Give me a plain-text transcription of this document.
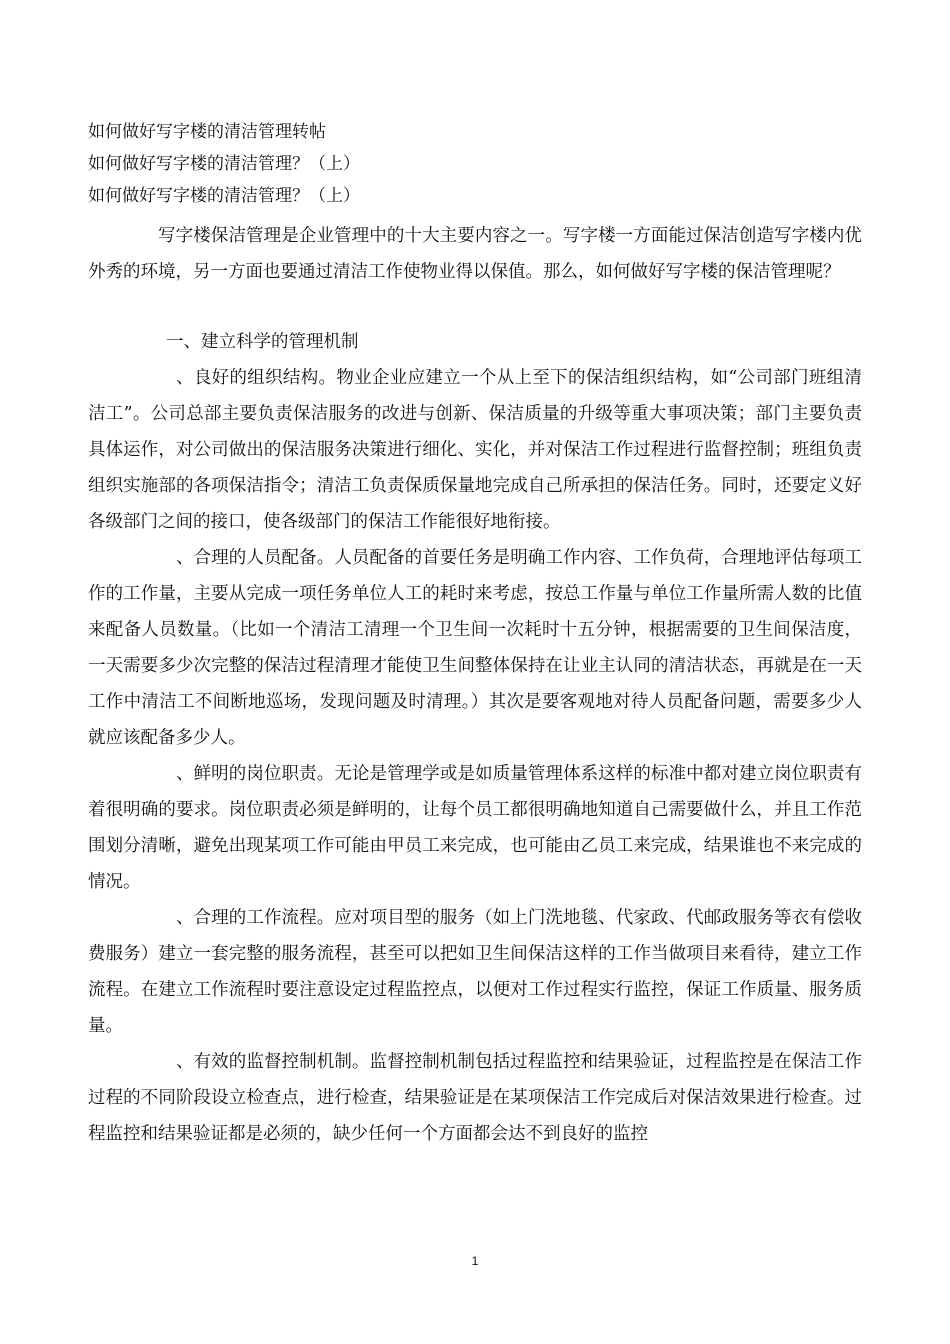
如何做好写字楼的清洁管理转帖

如何做好写字楼的清洁管理？（上）

如何做好写字楼的清洁管理？（上）

写字楼保洁管理是企业管理中的十大主要内容之一。写字楼一方面能过保洁创造写字楼内优外秀的环境，另一方面也要通过清洁工作使物业得以保值。那么，如何做好写字楼的保洁管理呢？

一、建立科学的管理机制

、良好的组织结构。物业企业应建立一个从上至下的保洁组织结构，如“公司部门班组清洁工”。公司总部主要负责保洁服务的改进与创新、保洁质量的升级等重大事项决策；部门主要负责具体运作，对公司做出的保洁服务决策进行细化、实化，并对保洁工作过程进行监督控制；班组负责组织实施部的各项保洁指令；清洁工负责保质保量地完成自己所承担的保洁任务。同时，还要定义好各级部门之间的接口，使各级部门的保洁工作能很好地衔接。

、合理的人员配备。人员配备的首要任务是明确工作内容、工作负荷，合理地评估每项工作的工作量，主要从完成一项任务单位人工的耗时来考虑，按总工作量与单位工作量所需人数的比值来配备人员数量。（比如一个清洁工清理一个卫生间一次耗时十五分钟，根据需要的卫生间保洁度，一天需要多少次完整的保洁过程清理才能使卫生间整体保持在让业主认同的清洁状态，再就是在一天工作中清洁工不间断地巡场，发现问题及时清理。）其次是要客观地对待人员配备问题，需要多少人就应该配备多少人。

、鲜明的岗位职责。无论是管理学或是如质量管理体系这样的标准中都对建立岗位职责有着很明确的要求。岗位职责必须是鲜明的，让每个员工都很明确地知道自己需要做什么，并且工作范围划分清晰，避免出现某项工作可能由甲员工来完成，也可能由乙员工来完成，结果谁也不来完成的情况。

、合理的工作流程。应对项目型的服务（如上门洗地毯、代家政、代邮政服务等衣有偿收费服务）建立一套完整的服务流程，甚至可以把如卫生间保洁这样的工作当做项目来看待，建立工作流程。在建立工作流程时要注意设定过程监控点，以便对工作过程实行监控，保证工作质量、服务质量。

、有效的监督控制机制。监督控制机制包括过程监控和结果验证，过程监控是在保洁工作过程的不同阶段设立检查点，进行检查，结果验证是在某项保洁工作完成后对保洁效果进行检查。过程监控和结果验证都是必须的，缺少任何一个方面都会达不到良好的监控

1
